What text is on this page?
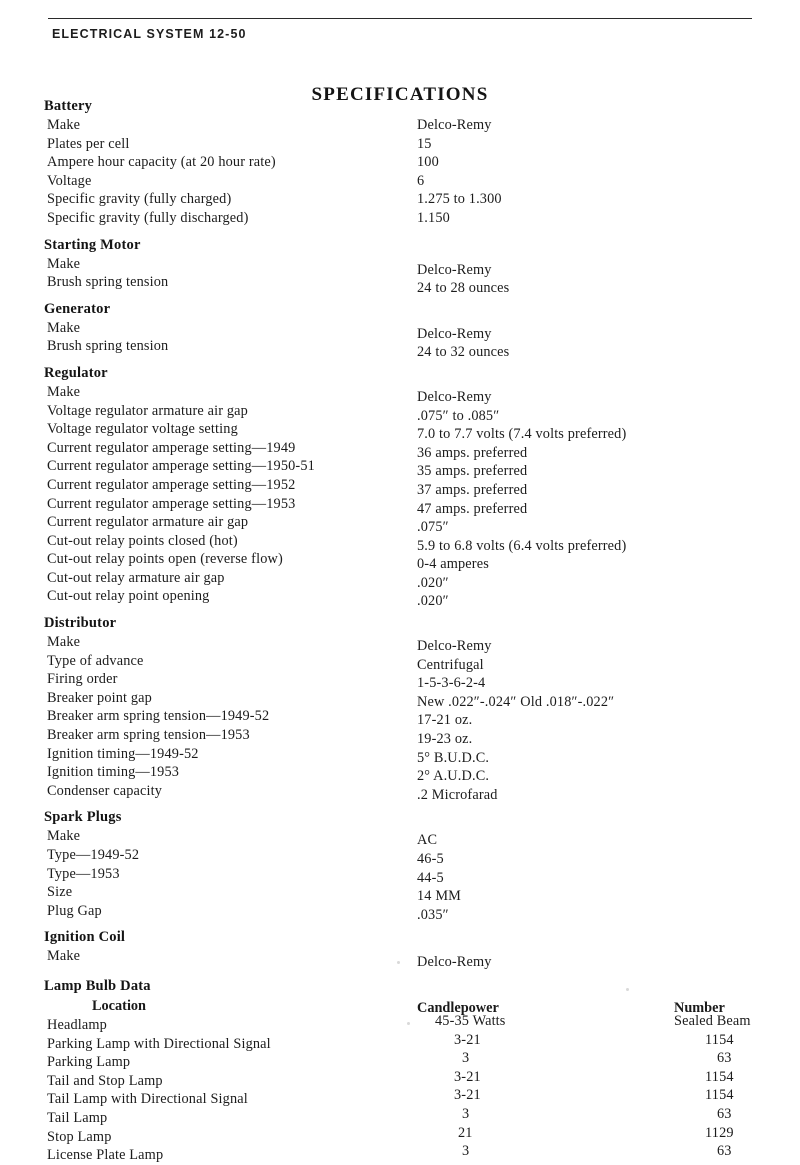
ELECTRICAL SYSTEM 12-50
SPECIFICATIONS
Battery
Make	Delco-Remy
Plates per cell	15
Ampere hour capacity (at 20 hour rate)	100
Voltage	6
Specific gravity (fully charged)	1.275 to 1.300
Specific gravity (fully discharged)	1.150
Starting Motor
Make	Delco-Remy
Brush spring tension	24 to 28 ounces
Generator
Make	Delco-Remy
Brush spring tension	24 to 32 ounces
Regulator
Make	Delco-Remy
Voltage regulator armature air gap	.075″ to .085″
Voltage regulator voltage setting	7.0 to 7.7 volts (7.4 volts preferred)
Current regulator amperage setting—1949	36 amps. preferred
Current regulator amperage setting—1950-51	35 amps. preferred
Current regulator amperage setting—1952	37 amps. preferred
Current regulator amperage setting—1953	47 amps. preferred
Current regulator armature air gap	.075″
Cut-out relay points closed (hot)	5.9 to 6.8 volts (6.4 volts preferred)
Cut-out relay points open (reverse flow)	0-4 amperes
Cut-out relay armature air gap	.020″
Cut-out relay point opening	.020″
Distributor
Make	Delco-Remy
Type of advance	Centrifugal
Firing order	1-5-3-6-2-4
Breaker point gap	New .022″-.024″ Old .018″-.022″
Breaker arm spring tension—1949-52	17-21 oz.
Breaker arm spring tension—1953	19-23 oz.
Ignition timing—1949-52	5° B.U.D.C.
Ignition timing—1953	2° A.U.D.C.
Condenser capacity	.2 Microfarad
Spark Plugs
Make	AC
Type—1949-52	46-5
Type—1953	44-5
Size	14 MM
Plug Gap	.035″
Ignition Coil
Make	Delco-Remy
Lamp Bulb Data
Location	Candlepower	Number
Headlamp	45-35 Watts	Sealed Beam
Parking Lamp with Directional Signal	3-21	1154
Parking Lamp	3	63
Tail and Stop Lamp	3-21	1154
Tail Lamp with Directional Signal	3-21	1154
Tail Lamp	3	63
Stop Lamp	21	1129
License Plate Lamp	3	63
